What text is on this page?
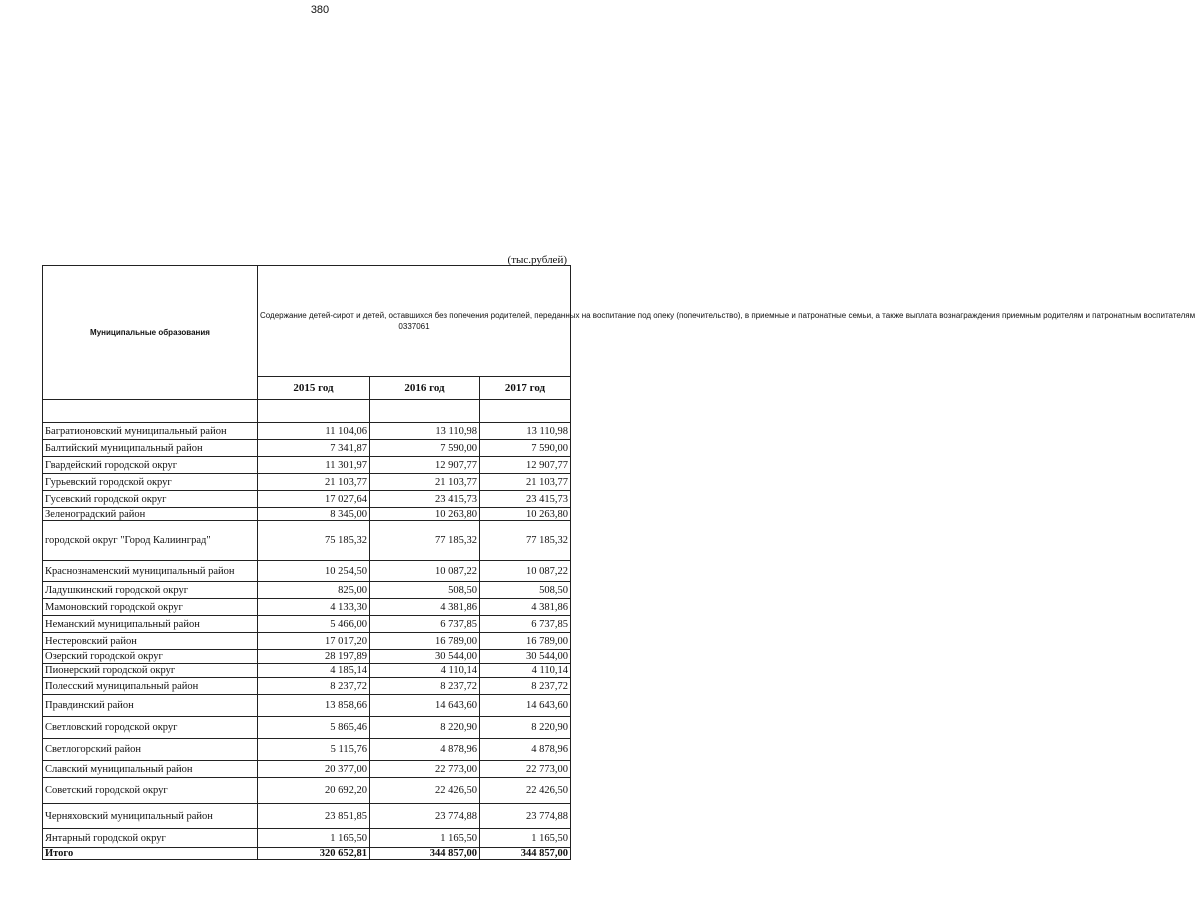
380
(тыс.рублей)
Муниципальные образования	Содержание детей-сирот и детей, оставшихся без попечения родителей, переданных на воспитание под опеку (попечительство), в приемные и патронатные семьи, а также выплата вознаграждения приемным родителям и патронатным воспитателям
0337061		
	2015 год	2016 год	2017 год

Багратионовский муниципальный район	11 104,06	13 110,98	13 110,98
Балтийский муниципальный район	7 341,87	7 590,00	7 590,00
Гвардейский городской округ	11 301,97	12 907,77	12 907,77
Гурьевский городской округ	21 103,77	21 103,77	21 103,77
Гусевский городской округ	17 027,64	23 415,73	23 415,73
Зеленоградский район	8 345,00	10 263,80	10 263,80
городской округ "Город Калиинград"	75 185,32	77 185,32	77 185,32
Краснознаменский муниципальный район	10 254,50	10 087,22	10 087,22
Ладушкинский городской округ	825,00	508,50	508,50
Мамоновский городской округ	4 133,30	4 381,86	4 381,86
Неманский муниципальный район	5 466,00	6 737,85	6 737,85
Нестеровский район	17 017,20	16 789,00	16 789,00
Озерский городской округ	28 197,89	30 544,00	30 544,00
Пионерский городской округ	4 185,14	4 110,14	4 110,14
Полесский муниципальный район	8 237,72	8 237,72	8 237,72
Правдинский район	13 858,66	14 643,60	14 643,60
Светловский городской округ	5 865,46	8 220,90	8 220,90
Светлогорский район	5 115,76	4 878,96	4 878,96
Славский муниципальный район	20 377,00	22 773,00	22 773,00
Советский городской округ	20 692,20	22 426,50	22 426,50
Черняховский муниципальный район	23 851,85	23 774,88	23 774,88
Янтарный городской округ	1 165,50	1 165,50	1 165,50
Итого	320 652,81	344 857,00	344 857,00
